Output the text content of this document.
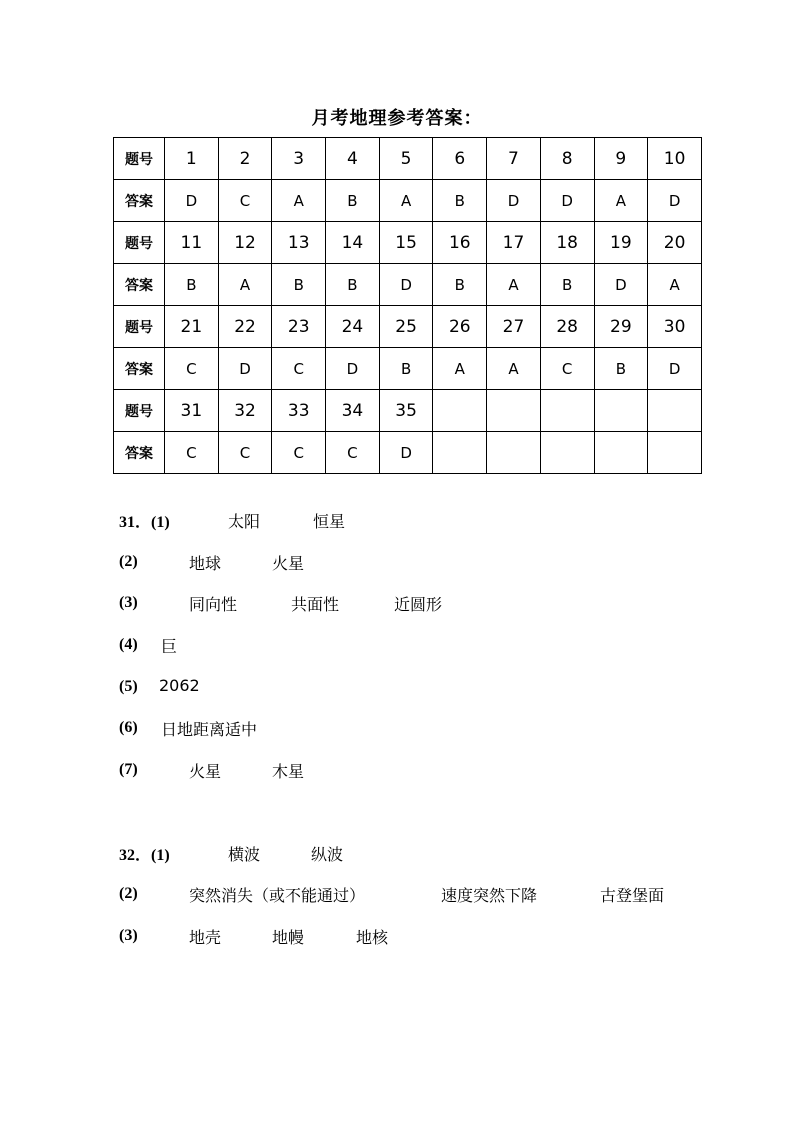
月考地理参考答案：
题号	1	2	3	4	5	6	7	8	9	10
答案	D	C	A	B	A	B	D	D	A	D
题号	11	12	13	14	15	16	17	18	19	20
答案	B	A	B	B	D	B	A	B	D	A
题号	21	22	23	24	25	26	27	28	29	30
答案	C	D	C	D	B	A	A	C	B	D
题号	31	32	33	34	35					
答案	C	C	C	C	D					
31．(1)	太阳	恒星
(2)	地球	火星
(3)	同向性	共面性	近圆形
(4) 巨
(5) 2062
(6) 日地距离适中
(7)	火星	木星
32．(1)	横波	纵波
(2)	突然消失（或不能通过）	速度突然下降	古登堡面
(3)	地壳	地幔	地核
